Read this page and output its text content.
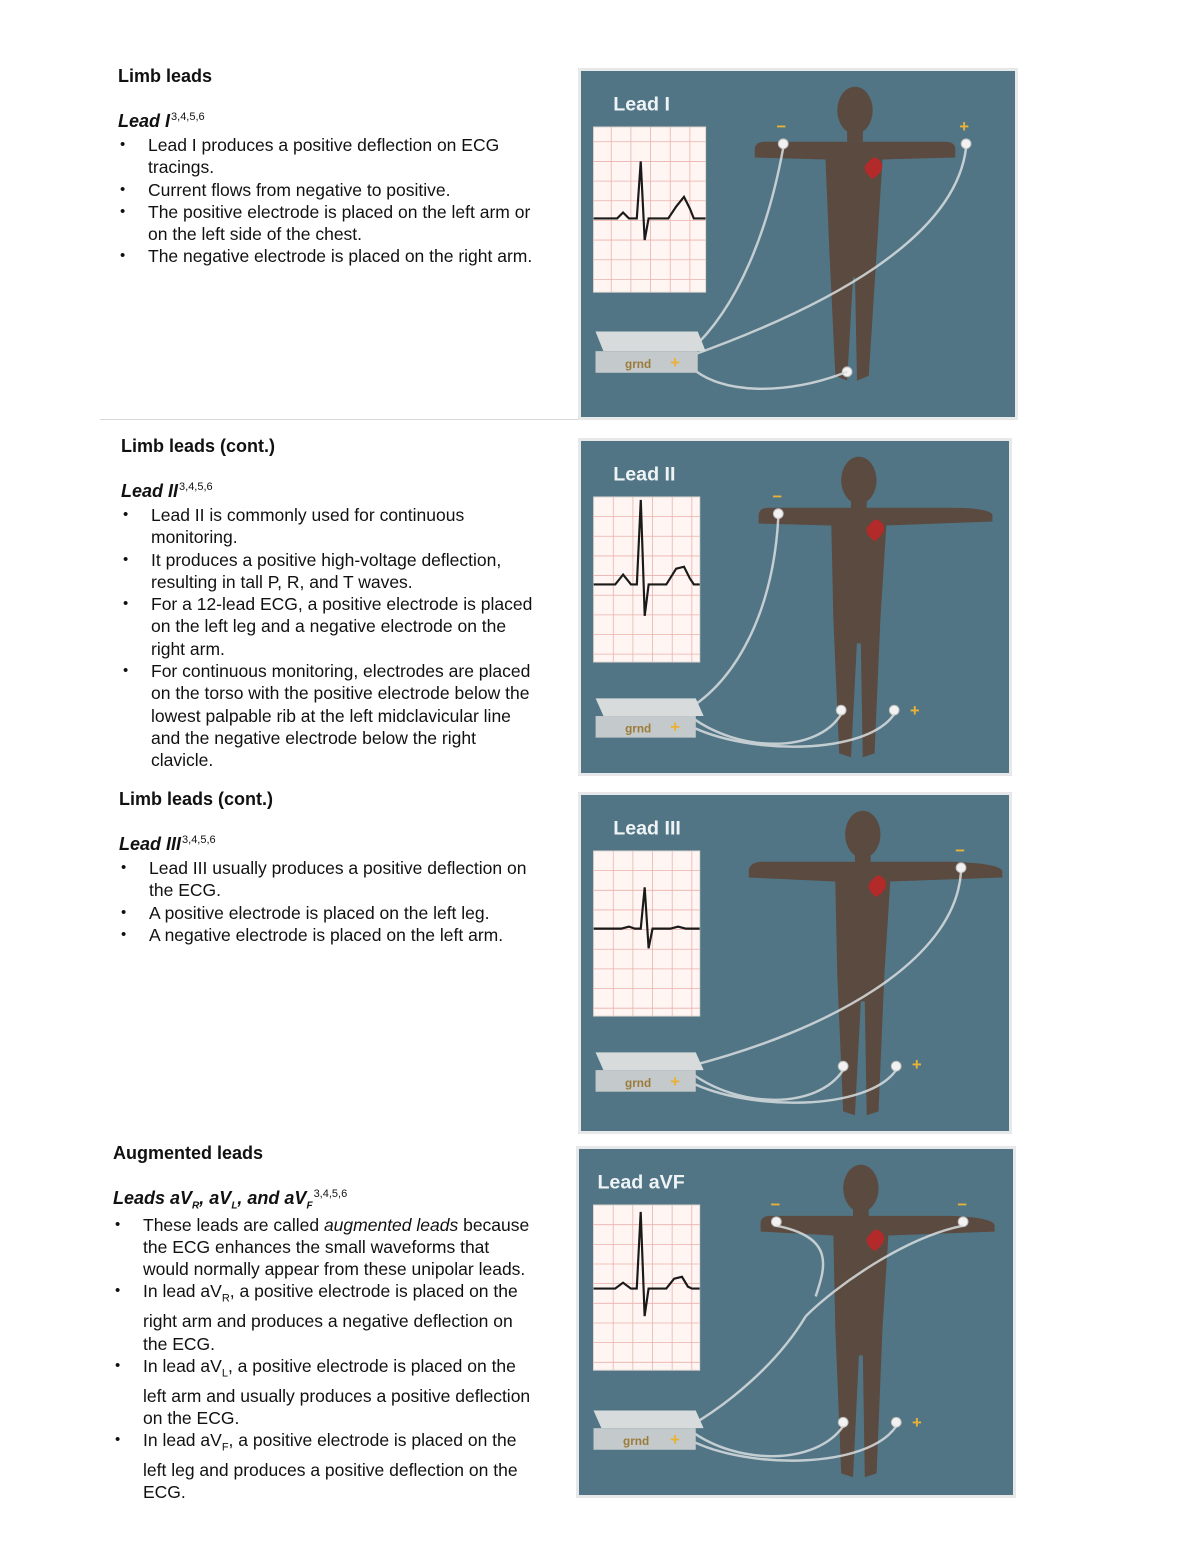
Limb leads

Lead I$^{3,4,5,6}$

• Lead I produces a positive deflection on ECG tracings.
• Current flows from negative to positive.
• The positive electrode is placed on the left arm or on the left side of the chest.
• The negative electrode is placed on the right arm.
Lead I
−	+
grnd +

Limb leads (cont.)

Lead II$^{3,4,5,6}$

• Lead II is commonly used for continuous monitoring.
• It produces a positive high-voltage deflection, resulting in tall P, R, and T waves.
• For a 12-lead ECG, a positive electrode is placed on the left leg and a negative electrode on the right arm.
• For continuous monitoring, electrodes are placed on the torso with the positive electrode below the lowest palpable rib at the left midclavicular line and the negative electrode below the right clavicle.
Lead II
−
+
grnd +

Limb leads (cont.)

Lead III$^{3,4,5,6}$

• Lead III usually produces a positive deflection on the ECG.
• A positive electrode is placed on the left leg.
• A negative electrode is placed on the left arm.
Lead III
−
+
grnd +

Augmented leads

Leads $aV_R$, $aV_L$, and $aV_F^{3,4,5,6}$

• These leads are called augmented leads because the ECG enhances the small waveforms that would normally appear from these unipolar leads.
• In lead $aV_R$, a positive electrode is placed on the right arm and produces a negative deflection on the ECG.
• In lead $aV_L$, a positive electrode is placed on the left arm and usually produces a positive deflection on the ECG.
• In lead $aV_F$, a positive electrode is placed on the left leg and produces a positive deflection on the ECG.
Lead aVF
−	−
+
grnd +
